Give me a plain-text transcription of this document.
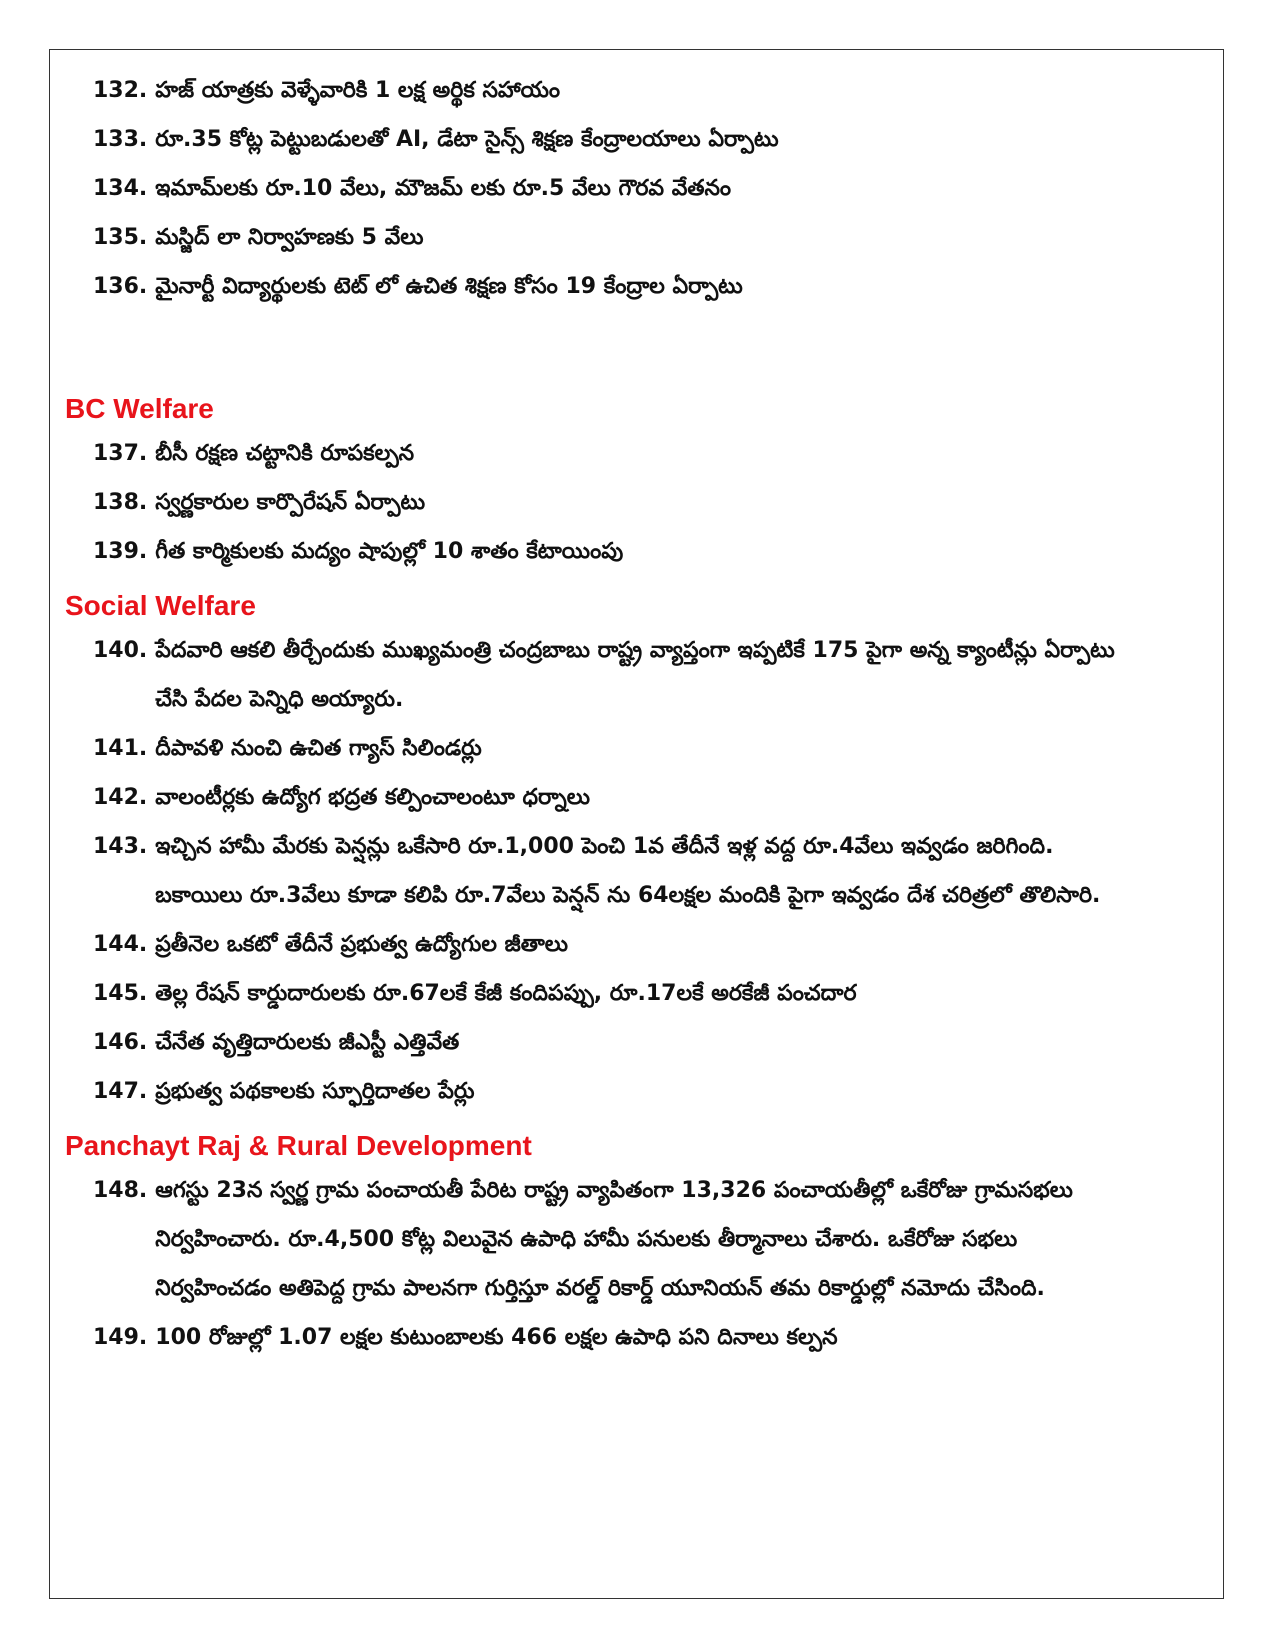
132. హజ్ యాత్రకు వెళ్ళేవారికి 1 లక్ష అర్థిక సహాయం
133. రూ.35 కోట్ల పెట్టుబడులతో AI, డేటా సైన్స్ శిక్షణ కేంద్రాలయాలు ఏర్పాటు
134. ఇమామ్‌లకు రూ.10 వేలు, మౌజమ్ లకు రూ.5 వేలు గౌరవ వేతనం
135. మస్జిద్ లా నిర్వాహణకు 5 వేలు
136. మైనార్టీ విద్యార్థులకు టెట్ లో ఉచిత శిక్షణ కోసం 19 కేంద్రాల ఏర్పాటు
BC Welfare
137. బీసీ రక్షణ చట్టానికి రూపకల్పన
138. స్వర్ణకారుల కార్పొరేషన్ ఏర్పాటు
139. గీత కార్మికులకు మద్యం షాపుల్లో 10 శాతం కేటాయింపు
Social Welfare
140. పేదవారి ఆకలి తీర్చేందుకు ముఖ్యమంత్రి చంద్రబాబు రాష్ట్ర వ్యాప్తంగా ఇప్పటికే 175 పైగా అన్న క్యాంటీన్లు ఏర్పాటు చేసి పేదల పెన్నిధి అయ్యారు.
141. దీపావళి నుంచి ఉచిత గ్యాస్ సిలిండర్లు
142. వాలంటీర్లకు ఉద్యోగ భద్రత కల్పించాలంటూ ధర్నాలు
143. ఇచ్చిన హామీ మేరకు పెన్షన్లు ఒకేసారి రూ.1,000 పెంచి 1వ తేదీనే ఇళ్ల వద్ద రూ.4వేలు ఇవ్వడం జరిగింది. బకాయిలు రూ.3వేలు కూడా కలిపి రూ.7వేలు పెన్షన్ ను 64లక్షల మందికి పైగా ఇవ్వడం దేశ చరిత్రలో తొలిసారి.
144. ప్రతీనెల ఒకటో తేదీనే ప్రభుత్వ ఉద్యోగుల జీతాలు
145. తెల్ల రేషన్ కార్డుదారులకు రూ.67లకే కేజీ కందిపప్పు, రూ.17లకే అరకేజీ పంచదార
146. చేనేత వృత్తిదారులకు జీఎస్టీ ఎత్తివేత
147. ప్రభుత్వ పథకాలకు స్ఫూర్తిదాతల పేర్లు
Panchayt Raj & Rural Development
148. ఆగస్టు 23న స్వర్ణ గ్రామ పంచాయతీ పేరిట రాష్ట్ర వ్యాపితంగా 13,326 పంచాయతీల్లో ఒకేరోజు గ్రామసభలు నిర్వహించారు. రూ.4,500 కోట్ల విలువైన ఉపాధి హామీ పనులకు తీర్మానాలు చేశారు. ఒకేరోజు సభలు నిర్వహించడం అతిపెద్ద గ్రామ పాలనగా గుర్తిస్తూ వరల్డ్ రికార్డ్ యూనియన్ తమ రికార్డుల్లో నమోదు చేసింది.
149. 100 రోజుల్లో 1.07 లక్షల కుటుంబాలకు 466 లక్షల ఉపాధి పని దినాలు కల్పన
